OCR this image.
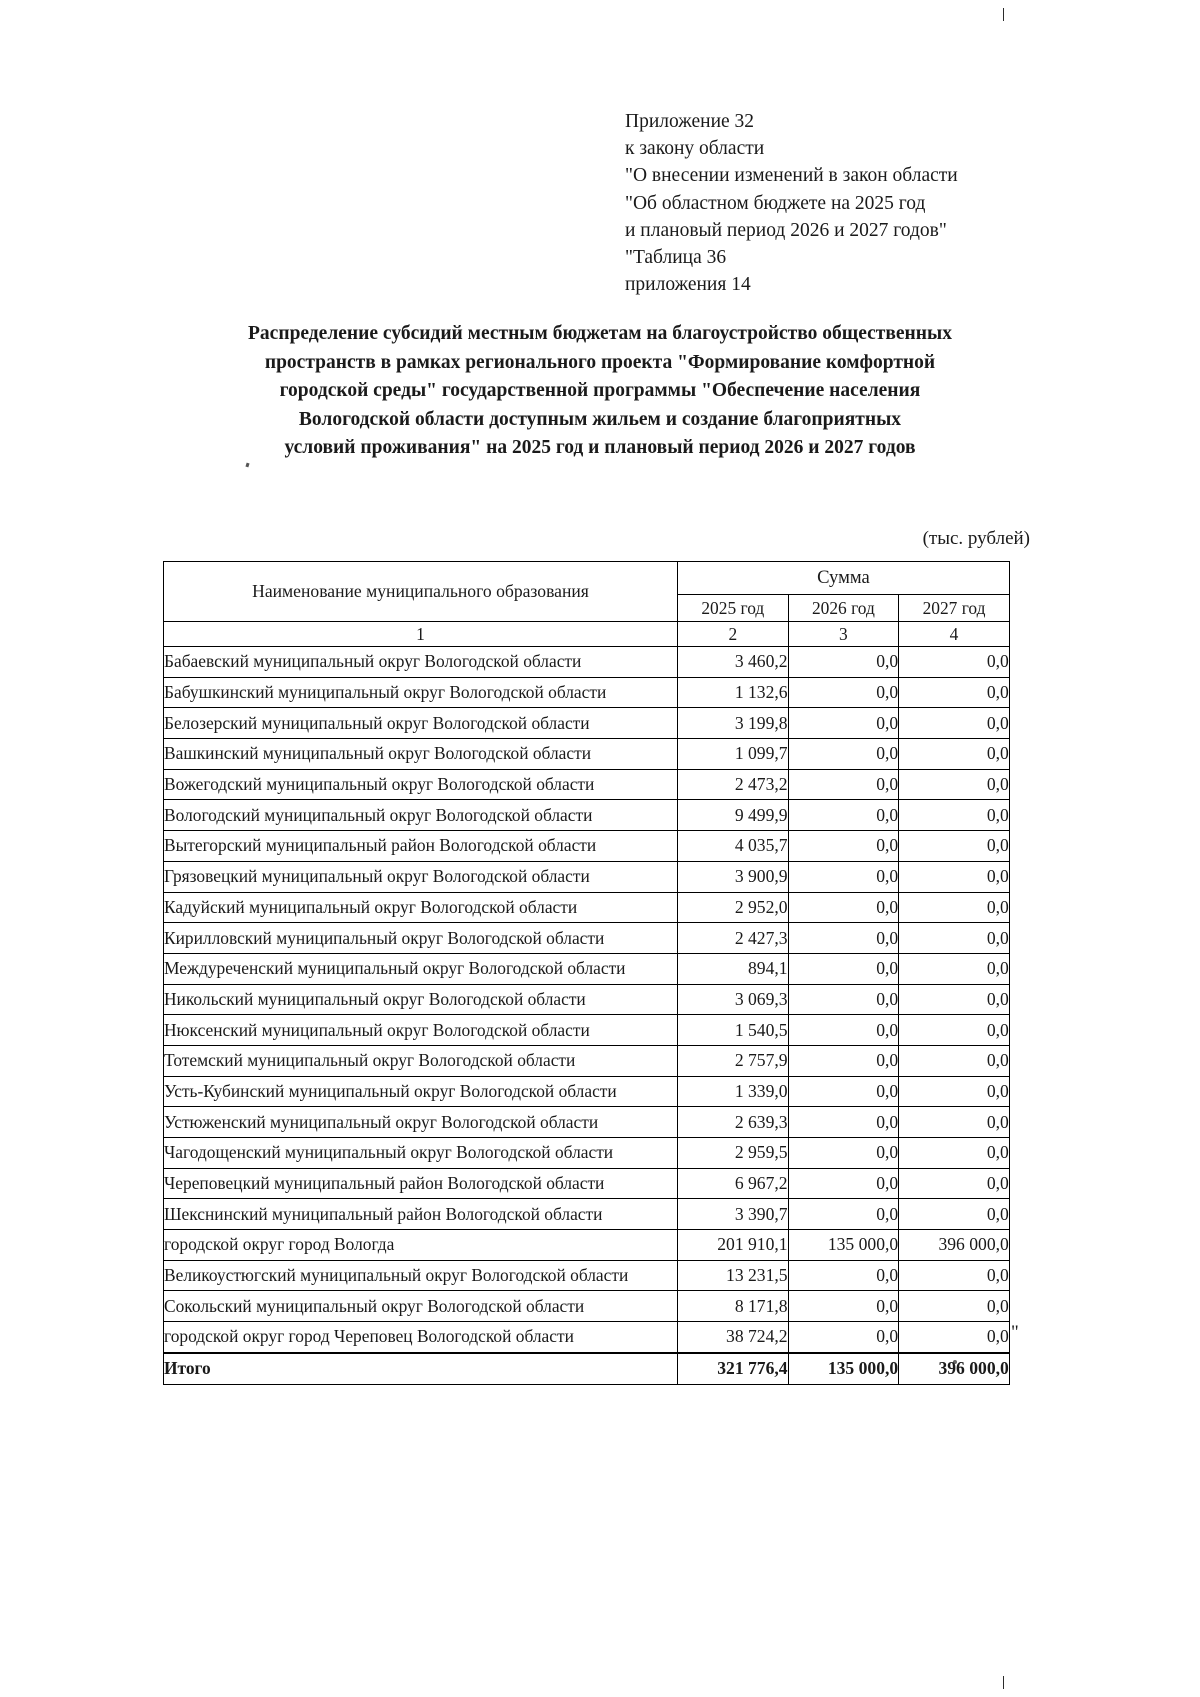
Приложение 32
к закону области
"О внесении изменений в закон области
"Об областном бюджете на 2025 год
и плановый период 2026 и 2027 годов"
"Таблица 36
приложения 14
Распределение субсидий местным бюджетам на благоустройство общественных
пространств в рамках регионального проекта "Формирование комфортной
городской среды" государственной программы "Обеспечение населения
Вологодской области доступным жильем и создание благоприятных
условий проживания" на 2025 год и плановый период 2026 и 2027 годов
(тыс. рублей)
Наименование муниципального образования	Сумма		
	2025 год	2026 год	2027 год
1	2	3	4
Бабаевский муниципальный округ Вологодской области	3 460,2	0,0	0,0
Бабушкинский муниципальный округ Вологодской области	1 132,6	0,0	0,0
Белозерский муниципальный округ Вологодской области	3 199,8	0,0	0,0
Вашкинский муниципальный округ Вологодской области	1 099,7	0,0	0,0
Вожегодский муниципальный округ Вологодской области	2 473,2	0,0	0,0
Вологодский муниципальный округ Вологодской области	9 499,9	0,0	0,0
Вытегорский муниципальный район Вологодской области	4 035,7	0,0	0,0
Грязовецкий муниципальный округ Вологодской области	3 900,9	0,0	0,0
Кадуйский муниципальный округ Вологодской области	2 952,0	0,0	0,0
Кирилловский муниципальный округ Вологодской области	2 427,3	0,0	0,0
Междуреченский муниципальный округ Вологодской области	894,1	0,0	0,0
Никольский муниципальный округ Вологодской области	3 069,3	0,0	0,0
Нюксенский муниципальный округ Вологодской области	1 540,5	0,0	0,0
Тотемский муниципальный округ Вологодской области	2 757,9	0,0	0,0
Усть-Кубинский муниципальный округ Вологодской области	1 339,0	0,0	0,0
Устюженский муниципальный округ Вологодской области	2 639,3	0,0	0,0
Чагодощенский муниципальный округ Вологодской области	2 959,5	0,0	0,0
Череповецкий муниципальный район Вологодской области	6 967,2	0,0	0,0
Шекснинский муниципальный район Вологодской области	3 390,7	0,0	0,0
городской округ город Вологда	201 910,1	135 000,0	396 000,0
Великоустюгский муниципальный округ Вологодской области	13 231,5	0,0	0,0
Сокольский муниципальный округ Вологодской области	8 171,8	0,0	0,0
городской округ город Череповец Вологодской области	38 724,2	0,0	0,0
Итого	321 776,4	135 000,0	396 000,0
"
